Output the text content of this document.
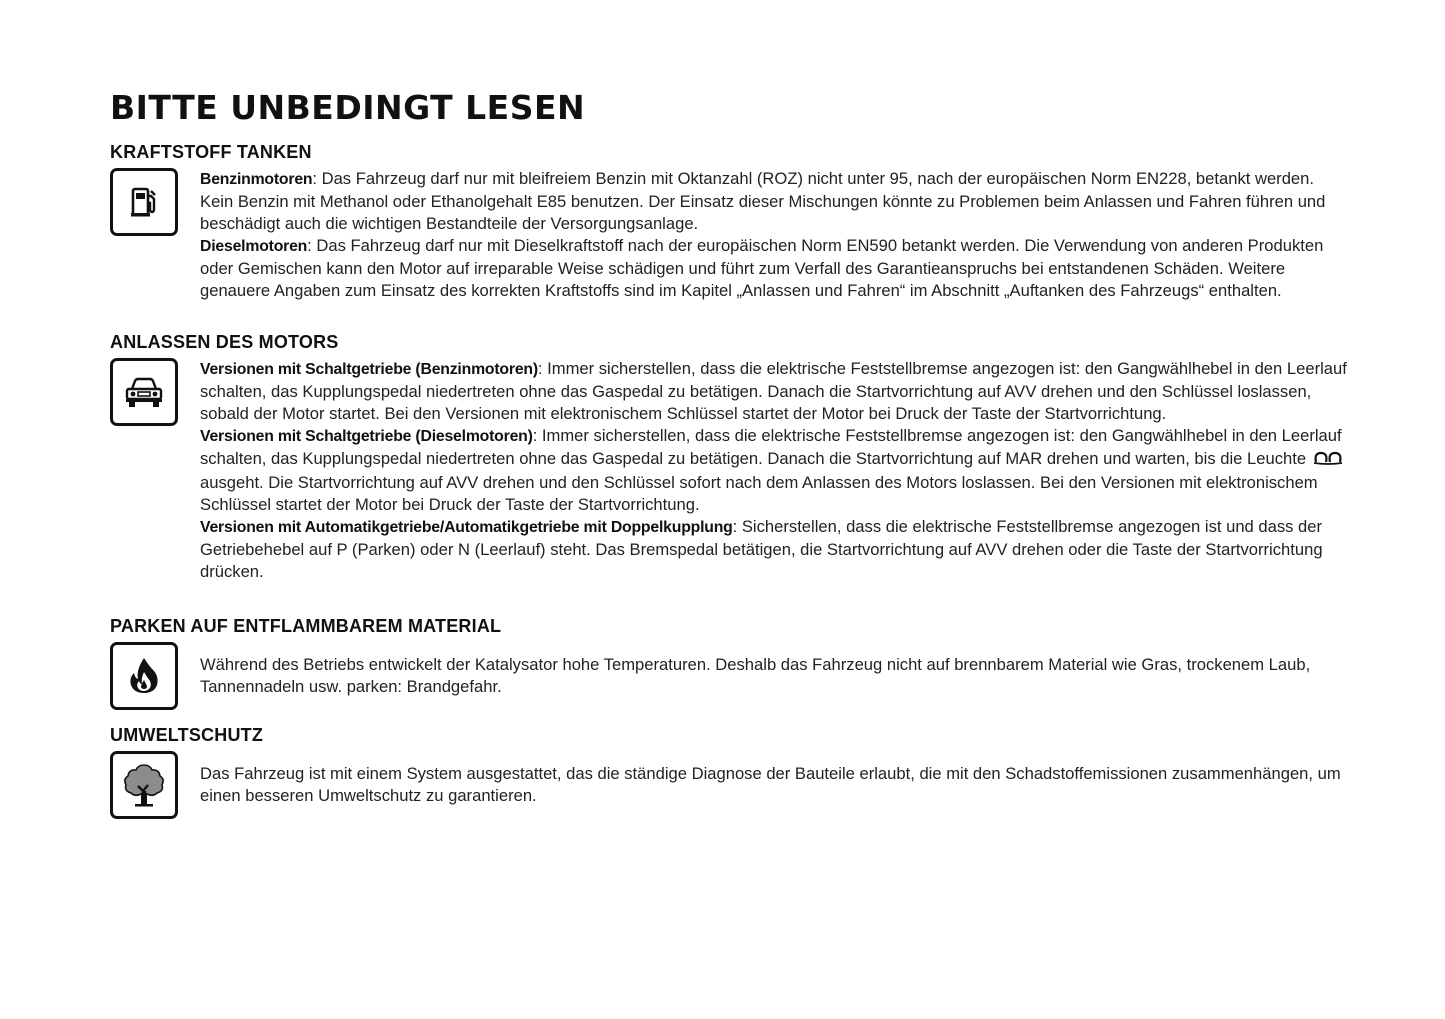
BITTE UNBEDINGT LESEN
KRAFTSTOFF TANKEN

Benzinmotoren: Das Fahrzeug darf nur mit bleifreiem Benzin mit Oktanzahl (ROZ) nicht unter 95, nach der europäischen Norm EN228, betankt werden. Kein Benzin mit Methanol oder Ethanolgehalt E85 benutzen. Der Einsatz dieser Mischungen könnte zu Problemen beim Anlassen und Fahren führen und beschädigt auch die wichtigen Bestandteile der Versorgungsanlage.

Dieselmotoren: Das Fahrzeug darf nur mit Dieselkraftstoff nach der europäischen Norm EN590 betankt werden. Die Verwendung von anderen Produkten oder Gemischen kann den Motor auf irreparable Weise schädigen und führt zum Verfall des Garantieanspruchs bei entstandenen Schäden. Weitere genauere Angaben zum Einsatz des korrekten Kraftstoffs sind im Kapitel „Anlassen und Fahren“ im Abschnitt „Auftanken des Fahrzeugs“ enthalten.

ANLASSEN DES MOTORS

Versionen mit Schaltgetriebe (Benzinmotoren): Immer sicherstellen, dass die elektrische Feststellbremse angezogen ist: den Gangwählhebel in den Leerlauf schalten, das Kupplungspedal niedertreten ohne das Gaspedal zu betätigen. Danach die Startvorrichtung auf AVV drehen und den Schlüssel loslassen, sobald der Motor startet. Bei den Versionen mit elektronischem Schlüssel startet der Motor bei Druck der Taste der Startvorrichtung.

Versionen mit Schaltgetriebe (Dieselmotoren): Immer sicherstellen, dass die elektrische Feststellbremse angezogen ist: den Gangwählhebel in den Leerlauf schalten, das Kupplungspedal niedertreten ohne das Gaspedal zu betätigen. Danach die Startvorrichtung auf MAR drehen und warten, bis die Leuchte  ausgeht. Die Startvorrichtung auf AVV drehen und den Schlüssel sofort nach dem Anlassen des Motors loslassen. Bei den Versionen mit elektronischem Schlüssel startet der Motor bei Druck der Taste der Startvorrichtung.

Versionen mit Automatikgetriebe/Automatikgetriebe mit Doppelkupplung: Sicherstellen, dass die elektrische Feststellbremse angezogen ist und dass der Getriebehebel auf P (Parken) oder N (Leerlauf) steht. Das Bremspedal betätigen, die Startvorrichtung auf AVV drehen oder die Taste der Startvorrichtung drücken.

PARKEN AUF ENTFLAMMBAREM MATERIAL
Während des Betriebs entwickelt der Katalysator hohe Temperaturen. Deshalb das Fahrzeug nicht auf brennbarem Material wie Gras, trockenem Laub, Tannennadeln usw. parken: Brandgefahr.
UMWELTSCHUTZ
Das Fahrzeug ist mit einem System ausgestattet, das die ständige Diagnose der Bauteile erlaubt, die mit den Schadstoffemissionen zusammenhängen, um einen besseren Umweltschutz zu garantieren.
